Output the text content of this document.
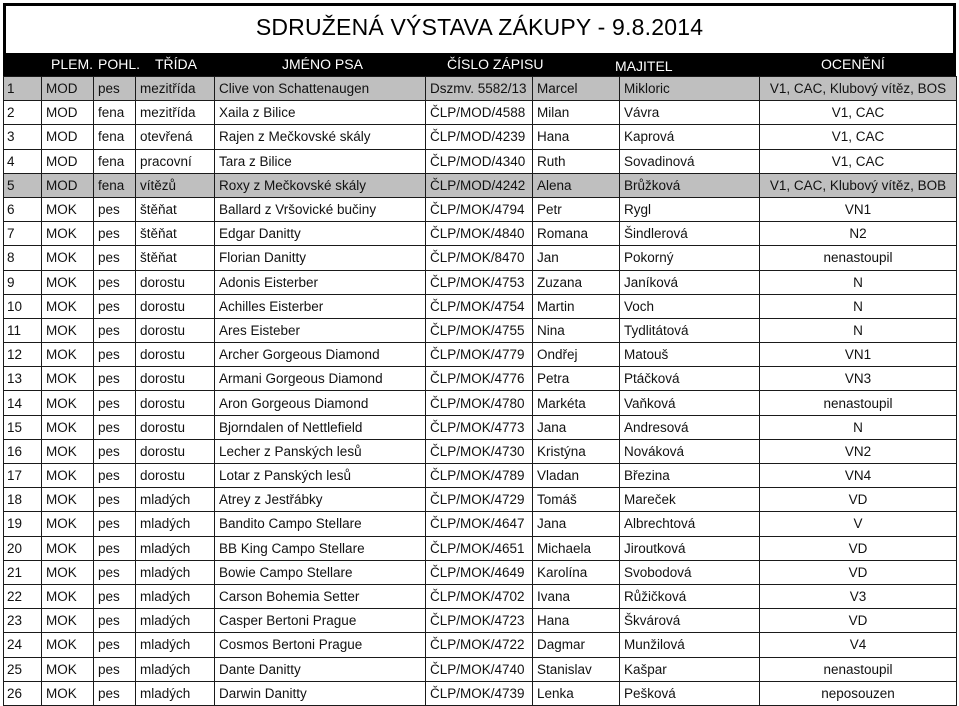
SDRUŽENÁ VÝSTAVA ZÁKUPY - 9.8.2014
PLEM. POHL. TŘÍDA	JMÉNO PSA	ČÍSLO ZÁPISU	MAJITEL	OCENĚNÍ
1	MOD	pes	mezitřída	Clive von Schattenaugen	Dszmv. 5582/13	Marcel	Mikloric	V1, CAC, Klubový vítěz, BOS
2	MOD	fena	mezitřída	Xaila z Bilice	ČLP/MOD/4588	Milan	Vávra	V1, CAC
3	MOD	fena	otevřená	Rajen z Mečkovské skály	ČLP/MOD/4239	Hana	Kaprová	V1, CAC
4	MOD	fena	pracovní	Tara z Bilice	ČLP/MOD/4340	Ruth	Sovadinová	V1, CAC
5	MOD	fena	vítězů	Roxy z Mečkovské skály	ČLP/MOD/4242	Alena	Brůžková	V1, CAC, Klubový vítěz, BOB
6	MOK	pes	štěňat	Ballard z Vršovické bučiny	ČLP/MOK/4794	Petr	Rygl	VN1
7	MOK	pes	štěňat	Edgar Danitty	ČLP/MOK/4840	Romana	Šindlerová	N2
8	MOK	pes	štěňat	Florian Danitty	ČLP/MOK/8470	Jan	Pokorný	nenastoupil
9	MOK	pes	dorostu	Adonis Eisterber	ČLP/MOK/4753	Zuzana	Janíková	N
10	MOK	pes	dorostu	Achilles Eisterber	ČLP/MOK/4754	Martin	Voch	N
11	MOK	pes	dorostu	Ares Eisteber	ČLP/MOK/4755	Nina	Tydlitátová	N
12	MOK	pes	dorostu	Archer Gorgeous Diamond	ČLP/MOK/4779	Ondřej	Matouš	VN1
13	MOK	pes	dorostu	Armani Gorgeous Diamond	ČLP/MOK/4776	Petra	Ptáčková	VN3
14	MOK	pes	dorostu	Aron Gorgeous Diamond	ČLP/MOK/4780	Markéta	Vaňková	nenastoupil
15	MOK	pes	dorostu	Bjorndalen of Nettlefield	ČLP/MOK/4773	Jana	Andresová	N
16	MOK	pes	dorostu	Lecher z Panských lesů	ČLP/MOK/4730	Kristýna	Nováková	VN2
17	MOK	pes	dorostu	Lotar z Panských lesů	ČLP/MOK/4789	Vladan	Březina	VN4
18	MOK	pes	mladých	Atrey z Jestřábky	ČLP/MOK/4729	Tomáš	Mareček	VD
19	MOK	pes	mladých	Bandito Campo Stellare	ČLP/MOK/4647	Jana	Albrechtová	V
20	MOK	pes	mladých	BB King Campo Stellare	ČLP/MOK/4651	Michaela	Jiroutková	VD
21	MOK	pes	mladých	Bowie Campo Stellare	ČLP/MOK/4649	Karolína	Svobodová	VD
22	MOK	pes	mladých	Carson Bohemia Setter	ČLP/MOK/4702	Ivana	Růžičková	V3
23	MOK	pes	mladých	Casper Bertoni Prague	ČLP/MOK/4723	Hana	Škvárová	VD
24	MOK	pes	mladých	Cosmos Bertoni Prague	ČLP/MOK/4722	Dagmar	Munžilová	V4
25	MOK	pes	mladých	Dante Danitty	ČLP/MOK/4740	Stanislav	Kašpar	nenastoupil
26	MOK	pes	mladých	Darwin Danitty	ČLP/MOK/4739	Lenka	Pešková	neposouzen
